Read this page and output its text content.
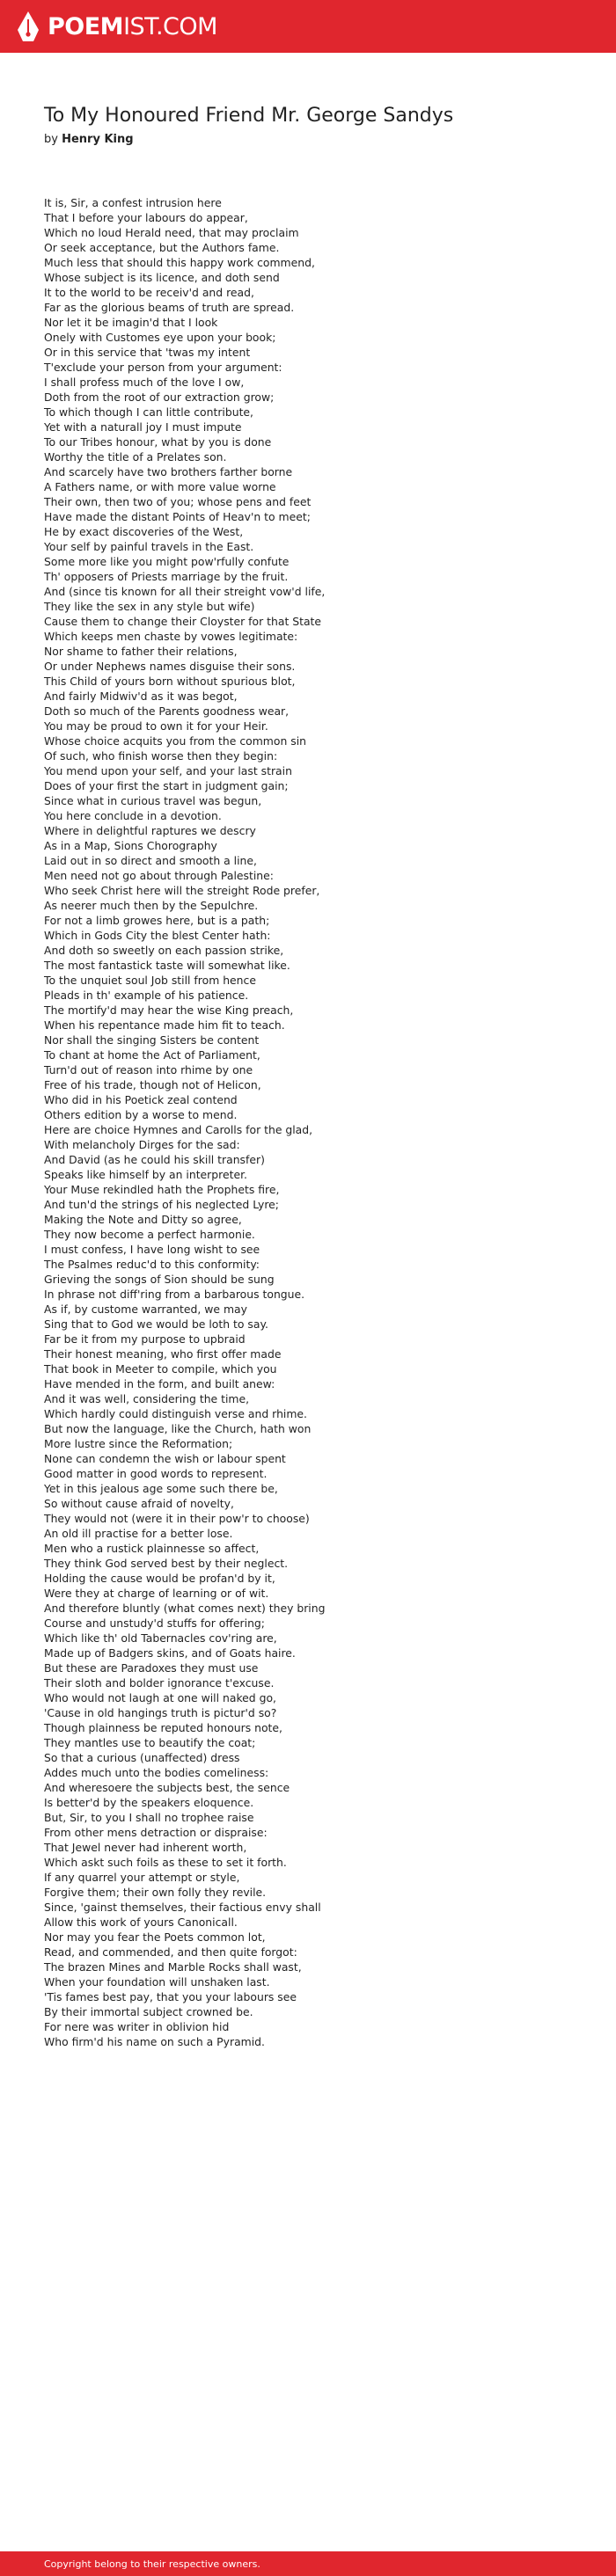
POEMIST.COM
To My Honoured Friend Mr. George Sandys
by Henry King
It is, Sir, a confest intrusion here
That I before your labours do appear,
Which no loud Herald need, that may proclaim
Or seek acceptance, but the Authors fame.
Much less that should this happy work commend,
Whose subject is its licence, and doth send
It to the world to be receiv'd and read,
Far as the glorious beams of truth are spread.
Nor let it be imagin'd that I look
Onely with Customes eye upon your book;
Or in this service that 'twas my intent
T'exclude your person from your argument:
I shall profess much of the love I ow,
Doth from the root of our extraction grow;
To which though I can little contribute,
Yet with a naturall joy I must impute
To our Tribes honour, what by you is done
Worthy the title of a Prelates son.
And scarcely have two brothers farther borne
A Fathers name, or with more value worne
Their own, then two of you; whose pens and feet
Have made the distant Points of Heav'n to meet;
He by exact discoveries of the West,
Your self by painful travels in the East.
Some more like you might pow'rfully confute
Th' opposers of Priests marriage by the fruit.
And (since tis known for all their streight vow'd life,
They like the sex in any style but wife)
Cause them to change their Cloyster for that State
Which keeps men chaste by vowes legitimate:
Nor shame to father their relations,
Or under Nephews names disguise their sons.
This Child of yours born without spurious blot,
And fairly Midwiv'd as it was begot,
Doth so much of the Parents goodness wear,
You may be proud to own it for your Heir.
Whose choice acquits you from the common sin
Of such, who finish worse then they begin:
You mend upon your self, and your last strain
Does of your first the start in judgment gain;
Since what in curious travel was begun,
You here conclude in a devotion.
Where in delightful raptures we descry
As in a Map, Sions Chorography
Laid out in so direct and smooth a line,
Men need not go about through Palestine:
Who seek Christ here will the streight Rode prefer,
As neerer much then by the Sepulchre.
For not a limb growes here, but is a path;
Which in Gods City the blest Center hath:
And doth so sweetly on each passion strike,
The most fantastick taste will somewhat like.
To the unquiet soul Job still from hence
Pleads in th' example of his patience.
The mortify'd may hear the wise King preach,
When his repentance made him fit to teach.
Nor shall the singing Sisters be content
To chant at home the Act of Parliament,
Turn'd out of reason into rhime by one
Free of his trade, though not of Helicon,
Who did in his Poetick zeal contend
Others edition by a worse to mend.
Here are choice Hymnes and Carolls for the glad,
With melancholy Dirges for the sad:
And David (as he could his skill transfer)
Speaks like himself by an interpreter.
Your Muse rekindled hath the Prophets fire,
And tun'd the strings of his neglected Lyre;
Making the Note and Ditty so agree,
They now become a perfect harmonie.
I must confess, I have long wisht to see
The Psalmes reduc'd to this conformity:
Grieving the songs of Sion should be sung
In phrase not diff'ring from a barbarous tongue.
As if, by custome warranted, we may
Sing that to God we would be loth to say.
Far be it from my purpose to upbraid
Their honest meaning, who first offer made
That book in Meeter to compile, which you
Have mended in the form, and built anew:
And it was well, considering the time,
Which hardly could distinguish verse and rhime.
But now the language, like the Church, hath won
More lustre since the Reformation;
None can condemn the wish or labour spent
Good matter in good words to represent.
Yet in this jealous age some such there be,
So without cause afraid of novelty,
They would not (were it in their pow'r to choose)
An old ill practise for a better lose.
Men who a rustick plainnesse so affect,
They think God served best by their neglect.
Holding the cause would be profan'd by it,
Were they at charge of learning or of wit.
And therefore bluntly (what comes next) they bring
Course and unstudy'd stuffs for offering;
Which like th' old Tabernacles cov'ring are,
Made up of Badgers skins, and of Goats haire.
But these are Paradoxes they must use
Their sloth and bolder ignorance t'excuse.
Who would not laugh at one will naked go,
'Cause in old hangings truth is pictur'd so?
Though plainness be reputed honours note,
They mantles use to beautify the coat;
So that a curious (unaffected) dress
Addes much unto the bodies comeliness:
And wheresoere the subjects best, the sence
Is better'd by the speakers eloquence.
But, Sir, to you I shall no trophee raise
From other mens detraction or dispraise:
That Jewel never had inherent worth,
Which askt such foils as these to set it forth.
If any quarrel your attempt or style,
Forgive them; their own folly they revile.
Since, 'gainst themselves, their factious envy shall
Allow this work of yours Canonicall.
Nor may you fear the Poets common lot,
Read, and commended, and then quite forgot:
The brazen Mines and Marble Rocks shall wast,
When your foundation will unshaken last.
'Tis fames best pay, that you your labours see
By their immortal subject crowned be.
For nere was writer in oblivion hid
Who firm'd his name on such a Pyramid.
Copyright belong to their respective owners.
